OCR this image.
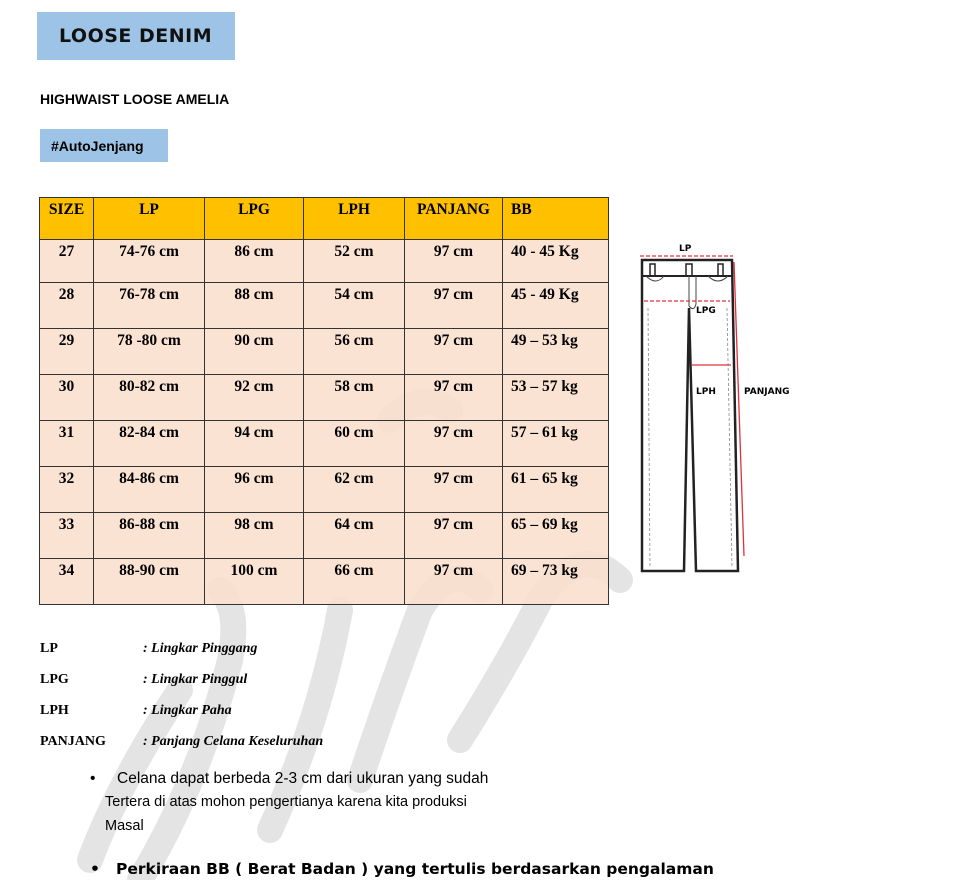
LOOSE DENIM
HIGHWAIST LOOSE AMELIA
#AutoJenjang
SIZE	LP	LPG	LPH	PANJANG	BB
27	74-76 cm	86 cm	52 cm	97 cm	40 - 45 Kg
28	76-78 cm	88 cm	54 cm	97 cm	45 - 49 Kg
29	78 -80 cm	90 cm	56 cm	97 cm	49 – 53 kg
30	80-82 cm	92 cm	58 cm	97 cm	53 – 57 kg
31	82-84 cm	94 cm	60 cm	97 cm	57 – 61 kg
32	84-86 cm	96 cm	62 cm	97 cm	61 – 65 kg
33	86-88 cm	98 cm	64 cm	97 cm	65 – 69 kg
34	88-90 cm	100 cm	66 cm	97 cm	69 – 73 kg
LP
LPG
LPH	PANJANG
LP	: Lingkar Pinggang
LPG	: Lingkar Pinggul
LPH	: Lingkar Paha
PANJANG	: Panjang Celana Keseluruhan
• Celana dapat berbeda 2-3 cm dari ukuran yang sudah
Tertera di atas mohon pengertianya karena kita produksi
Masal
• Perkiraan BB ( Berat Badan ) yang tertulis berdasarkan pengalaman
